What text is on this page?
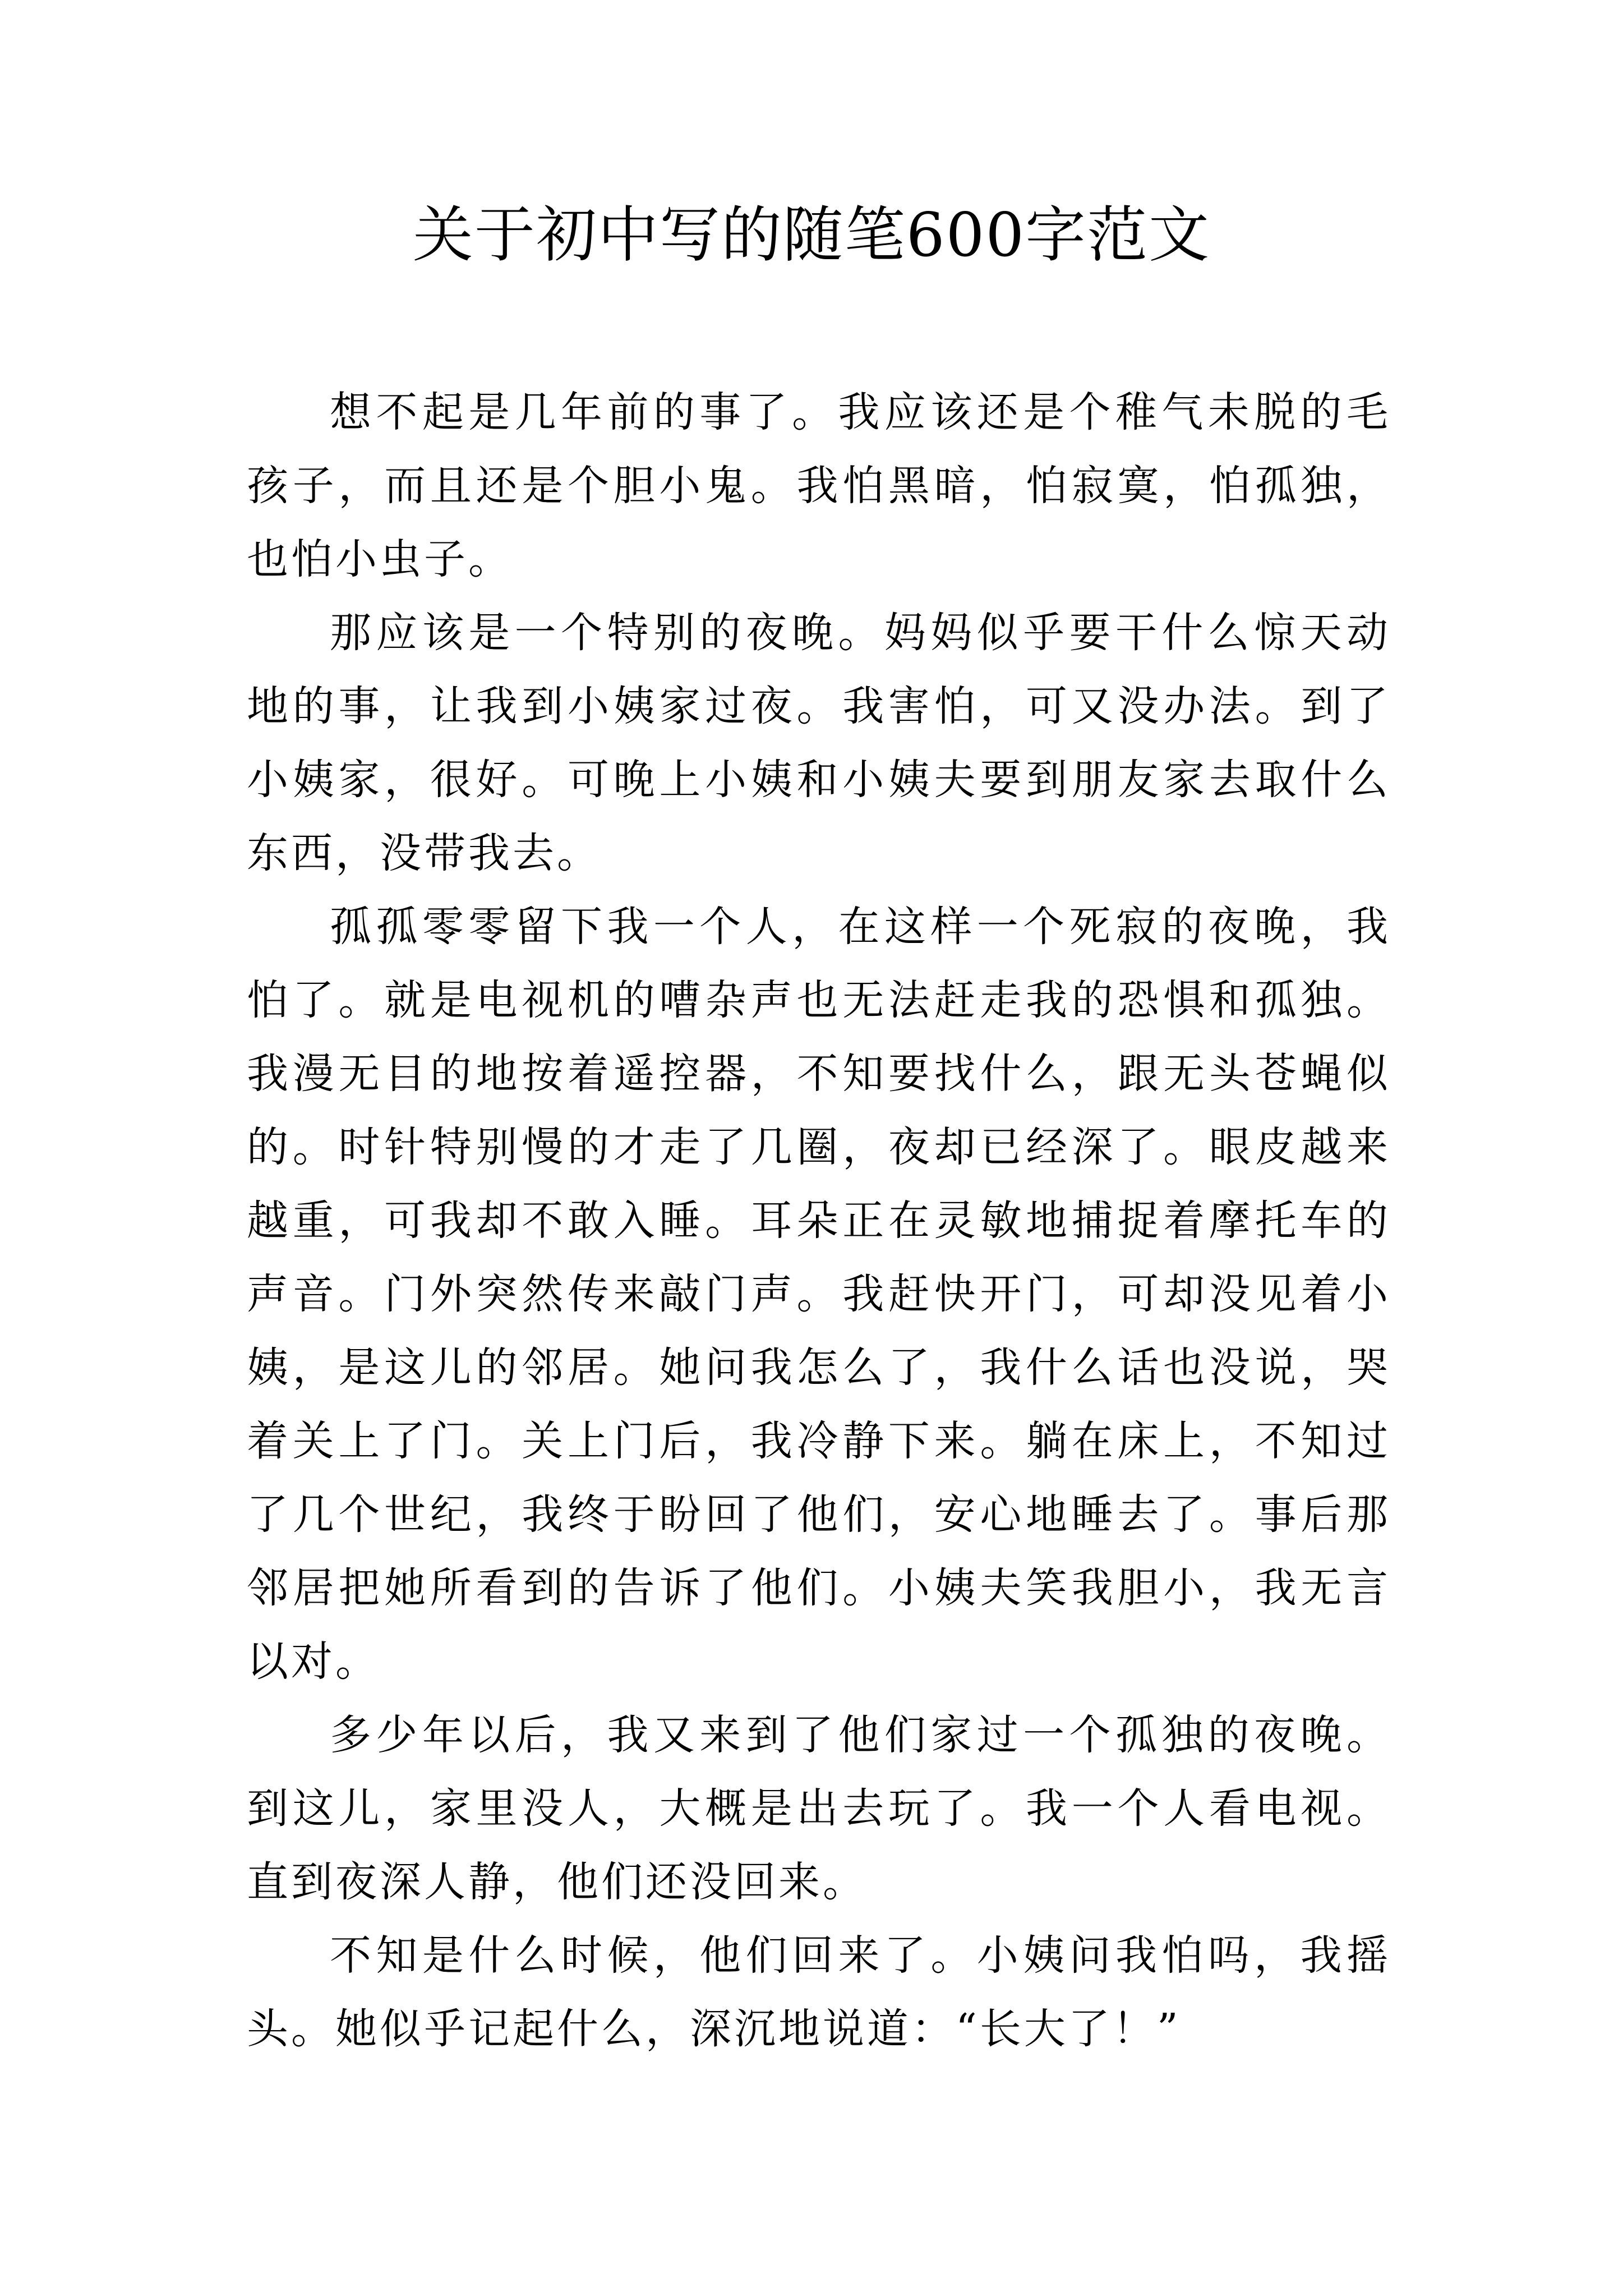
关于初中写的随笔600字范文

想不起是几年前的事了。我应该还是个稚气未脱的毛孩子，而且还是个胆小鬼。我怕黑暗，怕寂寞，怕孤独，也怕小虫子。

那应该是一个特别的夜晚。妈妈似乎要干什么惊天动地的事，让我到小姨家过夜。我害怕，可又没办法。到了小姨家，很好。可晚上小姨和小姨夫要到朋友家去取什么东西，没带我去。

孤孤零零留下我一个人，在这样一个死寂的夜晚，我怕了。就是电视机的嘈杂声也无法赶走我的恐惧和孤独。我漫无目的地按着遥控器，不知要找什么，跟无头苍蝇似的。时针特别慢的才走了几圈，夜却已经深了。眼皮越来越重，可我却不敢入睡。耳朵正在灵敏地捕捉着摩托车的声音。门外突然传来敲门声。我赶快开门，可却没见着小姨，是这儿的邻居。她问我怎么了，我什么话也没说，哭着关上了门。关上门后，我冷静下来。躺在床上，不知过了几个世纪，我终于盼回了他们，安心地睡去了。事后那邻居把她所看到的告诉了他们。小姨夫笑我胆小，我无言以对。

多少年以后，我又来到了他们家过一个孤独的夜晚。到这儿，家里没人，大概是出去玩了。我一个人看电视。直到夜深人静，他们还没回来。

不知是什么时候，他们回来了。小姨问我怕吗，我摇头。她似乎记起什么，深沉地说道：“长大了！”
